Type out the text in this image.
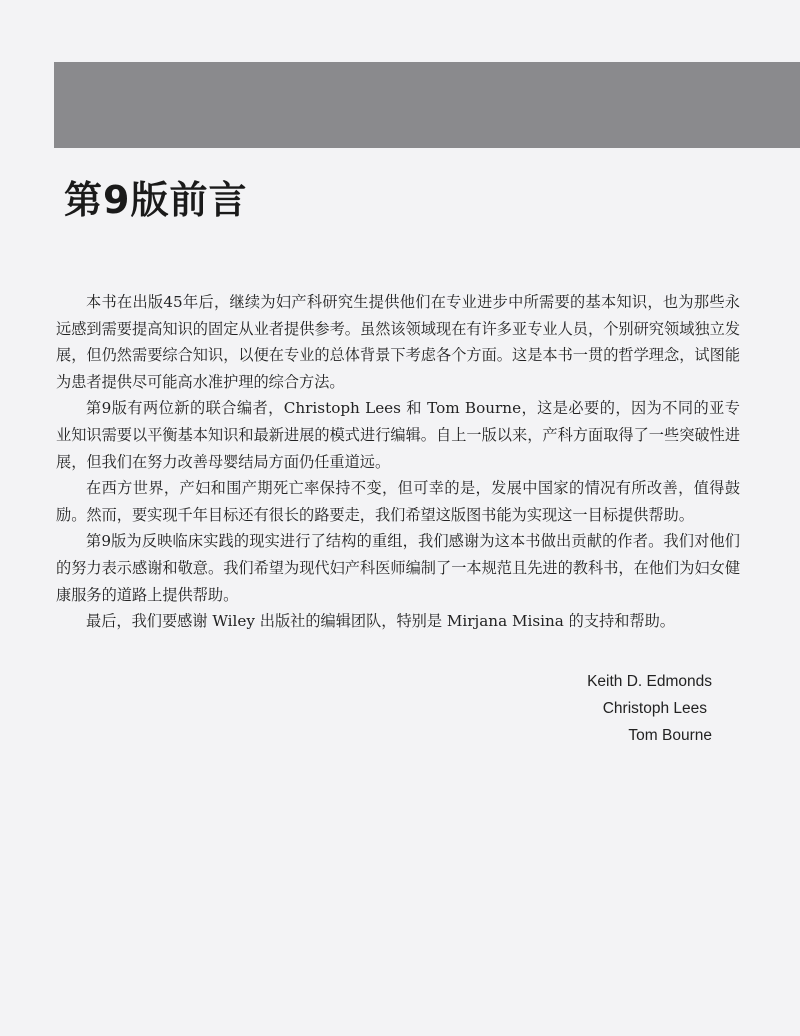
第9版前言

本书在出版45年后，继续为妇产科研究生提供他们在专业进步中所需要的基本知识，也为那些永远感到需要提高知识的固定从业者提供参考。虽然该领域现在有许多亚专业人员，个别研究领域独立发展，但仍然需要综合知识，以便在专业的总体背景下考虑各个方面。这是本书一贯的哲学理念，试图能为患者提供尽可能高水准护理的综合方法。

第9版有两位新的联合编者，Christoph Lees 和 Tom Bourne，这是必要的，因为不同的亚专业知识需要以平衡基本知识和最新进展的模式进行编辑。自上一版以来，产科方面取得了一些突破性进展，但我们在努力改善母婴结局方面仍任重道远。

在西方世界，产妇和围产期死亡率保持不变，但可幸的是，发展中国家的情况有所改善，值得鼓励。然而，要实现千年目标还有很长的路要走，我们希望这版图书能为实现这一目标提供帮助。

第9版为反映临床实践的现实进行了结构的重组，我们感谢为这本书做出贡献的作者。我们对他们的努力表示感谢和敬意。我们希望为现代妇产科医师编制了一本规范且先进的教科书，在他们为妇女健康服务的道路上提供帮助。

最后，我们要感谢 Wiley 出版社的编辑团队，特别是 Mirjana Misina 的支持和帮助。

Keith D. Edmonds
Christoph Lees
Tom Bourne
